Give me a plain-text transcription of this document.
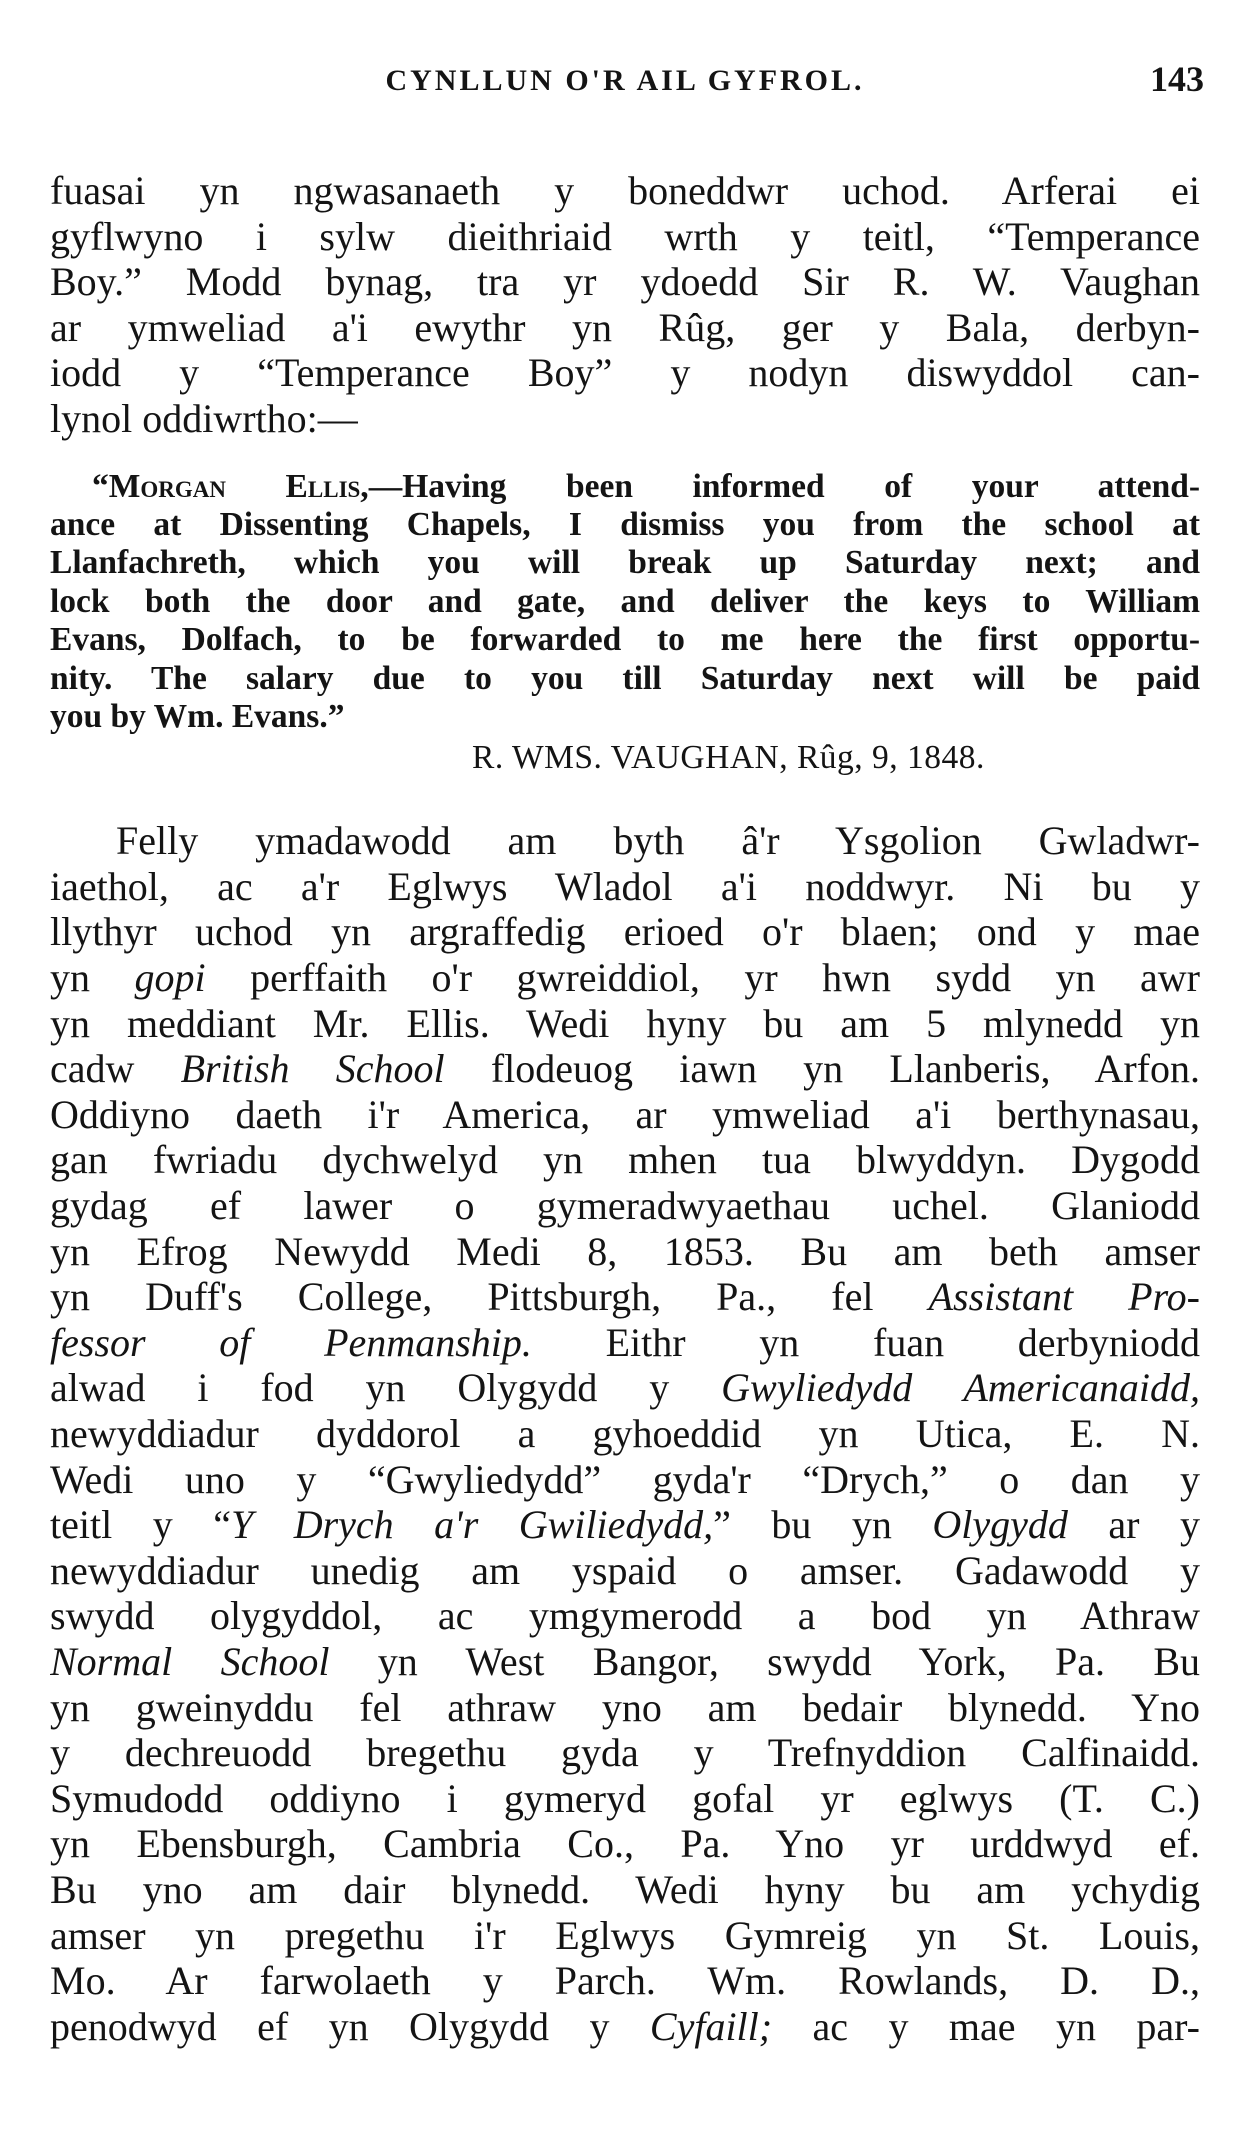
CYNLLUN O'R AIL GYFROL.	143

fuasai yn ngwasanaeth y boneddwr uchod. Arferai ei
gyflwyno i sylw dieithriaid wrth y teitl, “Temperance
Boy.” Modd bynag, tra yr ydoedd Sir R. W. Vaughan
ar ymweliad a'i ewythr yn Rûg, ger y Bala, derbyn-
iodd y “Temperance Boy” y nodyn diswyddol can-
lynol oddiwrtho:—

“Morgan Ellis,—Having been informed of your attend-
ance at Dissenting Chapels, I dismiss you from the school at
Llanfachreth, which you will break up Saturday next; and
lock both the door and gate, and deliver the keys to William
Evans, Dolfach, to be forwarded to me here the first opportu-
nity. The salary due to you till Saturday next will be paid
you by Wm. Evans.”
R. WMS. VAUGHAN, Rûg, 9, 1848.

Felly ymadawodd am byth â'r Ysgolion Gwladwr-
iaethol, ac a'r Eglwys Wladol a'i noddwyr. Ni bu y
llythyr uchod yn argraffedig erioed o'r blaen; ond y mae
yn gopi perffaith o'r gwreiddiol, yr hwn sydd yn awr
yn meddiant Mr. Ellis. Wedi hyny bu am 5 mlynedd yn
cadw British School flodeuog iawn yn Llanberis, Arfon.
Oddiyno daeth i'r America, ar ymweliad a'i berthynasau,
gan fwriadu dychwelyd yn mhen tua blwyddyn. Dygodd
gydag ef lawer o gymeradwyaethau uchel. Glaniodd
yn Efrog Newydd Medi 8, 1853. Bu am beth amser
yn Duff's College, Pittsburgh, Pa., fel Assistant Pro-
fessor of Penmanship. Eithr yn fuan derbyniodd
alwad i fod yn Olygydd y Gwyliedydd Americanaidd,
newyddiadur dyddorol a gyhoeddid yn Utica, E. N.
Wedi uno y “Gwyliedydd” gyda'r “Drych,” o dan y
teitl y “Y Drych a'r Gwiliedydd,” bu yn Olygydd ar y
newyddiadur unedig am yspaid o amser. Gadawodd y
swydd olygyddol, ac ymgymerodd a bod yn Athraw
Normal School yn West Bangor, swydd York, Pa. Bu
yn gweinyddu fel athraw yno am bedair blynedd. Yno
y dechreuodd bregethu gyda y Trefnyddion Calfinaidd.
Symudodd oddiyno i gymeryd gofal yr eglwys (T. C.)
yn Ebensburgh, Cambria Co., Pa. Yno yr urddwyd ef.
Bu yno am dair blynedd. Wedi hyny bu am ychydig
amser yn pregethu i'r Eglwys Gymreig yn St. Louis,
Mo. Ar farwolaeth y Parch. Wm. Rowlands, D. D.,
penodwyd ef yn Olygydd y Cyfaill; ac y mae yn par-
